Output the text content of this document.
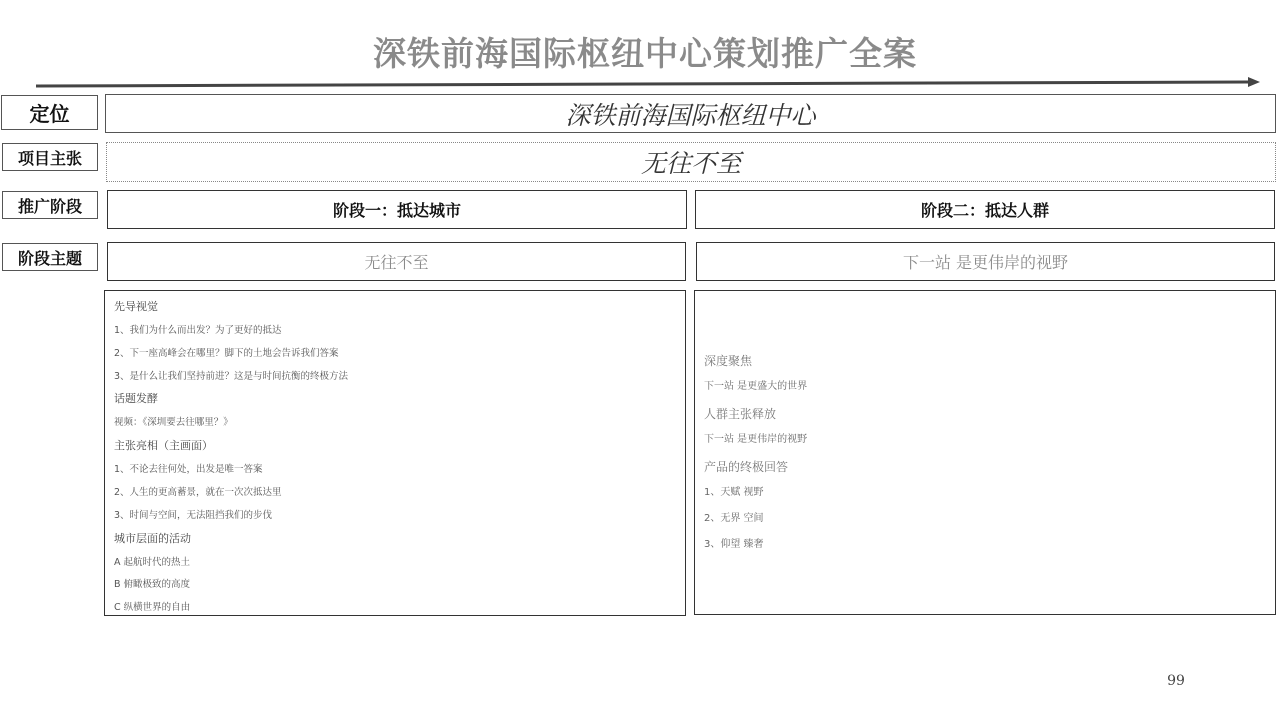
深铁前海国际枢纽中心策划推广全案
定位
项目主张
推广阶段
阶段主题
深铁前海国际枢纽中心
无往不至
阶段一：抵达城市	阶段二：抵达人群
无往不至	下一站 是更伟岸的视野
先导视觉
1、我们为什么而出发？为了更好的抵达
2、下一座高峰会在哪里？脚下的土地会告诉我们答案
3、是什么让我们坚持前进？这是与时间抗衡的终极方法
话题发酵
视频：《深圳要去往哪里？》
主张亮相（主画面）
1、不论去往何处，出发是唯一答案
2、人生的更高蓄景，就在一次次抵达里
3、时间与空间，无法阻挡我们的步伐
城市层面的活动
A 起航时代的热土
B 俯瞰极致的高度
C 纵横世界的自由
深度聚焦
下一站 是更盛大的世界
人群主张释放
下一站 是更伟岸的视野
产品的终极回答
1、天赋 视野
2、无界 空间
3、仰望 臻奢
99
